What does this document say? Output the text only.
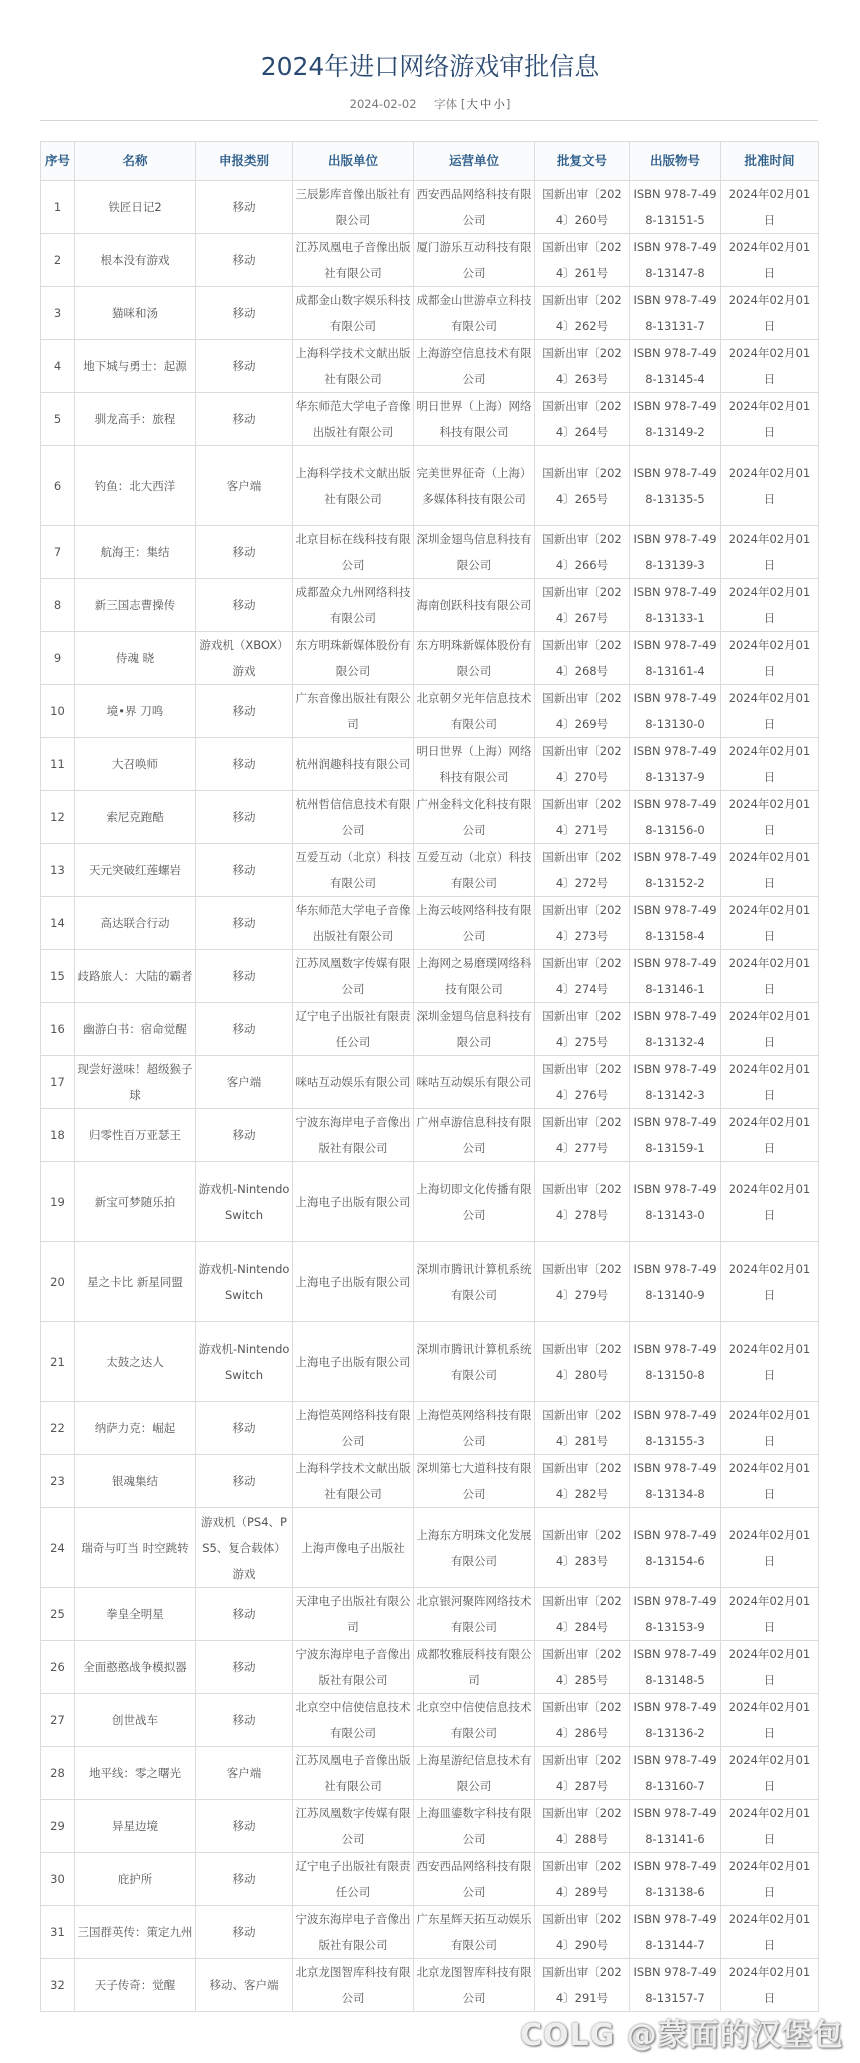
2024年进口网络游戏审批信息
2024-02-02 字体 [大 中 小]
序号	名称	申报类别	出版单位	运营单位	批复文号	出版物号	批准时间
1	铁匠日记2	移动	三辰影库音像出版社有限公司	西安西品网络科技有限公司	国新出审〔2024〕260号	ISBN 978-7-498-13151-5	2024年02月01日
2	根本没有游戏	移动	江苏凤凰电子音像出版社有限公司	厦门游乐互动科技有限公司	国新出审〔2024〕261号	ISBN 978-7-498-13147-8	2024年02月01日
3	猫咪和汤	移动	成都金山数字娱乐科技有限公司	成都金山世游卓立科技有限公司	国新出审〔2024〕262号	ISBN 978-7-498-13131-7	2024年02月01日
4	地下城与勇士：起源	移动	上海科学技术文献出版社有限公司	上海游空信息技术有限公司	国新出审〔2024〕263号	ISBN 978-7-498-13145-4	2024年02月01日
5	驯龙高手：旅程	移动	华东师范大学电子音像出版社有限公司	明日世界（上海）网络科技有限公司	国新出审〔2024〕264号	ISBN 978-7-498-13149-2	2024年02月01日
6	钓鱼：北大西洋	客户端	上海科学技术文献出版社有限公司	完美世界征奇（上海）多媒体科技有限公司	国新出审〔2024〕265号	ISBN 978-7-498-13135-5	2024年02月01日
7	航海王：集结	移动	北京目标在线科技有限公司	深圳金翅鸟信息科技有限公司	国新出审〔2024〕266号	ISBN 978-7-498-13139-3	2024年02月01日
8	新三国志曹操传	移动	成都盈众九州网络科技有限公司	海南创跃科技有限公司	国新出审〔2024〕267号	ISBN 978-7-498-13133-1	2024年02月01日
9	侍魂 晓	游戏机（XBOX）游戏	东方明珠新媒体股份有限公司	东方明珠新媒体股份有限公司	国新出审〔2024〕268号	ISBN 978-7-498-13161-4	2024年02月01日
10	境•界 刀鸣	移动	广东音像出版社有限公司	北京朝夕光年信息技术有限公司	国新出审〔2024〕269号	ISBN 978-7-498-13130-0	2024年02月01日
11	大召唤师	移动	杭州润趣科技有限公司	明日世界（上海）网络科技有限公司	国新出审〔2024〕270号	ISBN 978-7-498-13137-9	2024年02月01日
12	索尼克跑酷	移动	杭州哲信信息技术有限公司	广州金科文化科技有限公司	国新出审〔2024〕271号	ISBN 978-7-498-13156-0	2024年02月01日
13	天元突破红莲螺岩	移动	互爱互动（北京）科技有限公司	互爱互动（北京）科技有限公司	国新出审〔2024〕272号	ISBN 978-7-498-13152-2	2024年02月01日
14	高达联合行动	移动	华东师范大学电子音像出版社有限公司	上海云岐网络科技有限公司	国新出审〔2024〕273号	ISBN 978-7-498-13158-4	2024年02月01日
15	歧路旅人：大陆的霸者	移动	江苏凤凰数字传媒有限公司	上海网之易磨璞网络科技有限公司	国新出审〔2024〕274号	ISBN 978-7-498-13146-1	2024年02月01日
16	幽游白书：宿命觉醒	移动	辽宁电子出版社有限责任公司	深圳金翅鸟信息科技有限公司	国新出审〔2024〕275号	ISBN 978-7-498-13132-4	2024年02月01日
17	现尝好滋味！超级猴子球	客户端	咪咕互动娱乐有限公司	咪咕互动娱乐有限公司	国新出审〔2024〕276号	ISBN 978-7-498-13142-3	2024年02月01日
18	归零性百万亚瑟王	移动	宁波东海岸电子音像出版社有限公司	广州卓游信息科技有限公司	国新出审〔2024〕277号	ISBN 978-7-498-13159-1	2024年02月01日
19	新宝可梦随乐拍	游戏机-Nintendo Switch	上海电子出版有限公司	上海切即文化传播有限公司	国新出审〔2024〕278号	ISBN 978-7-498-13143-0	2024年02月01日
20	星之卡比 新星同盟	游戏机-Nintendo Switch	上海电子出版有限公司	深圳市腾讯计算机系统有限公司	国新出审〔2024〕279号	ISBN 978-7-498-13140-9	2024年02月01日
21	太鼓之达人	游戏机-Nintendo Switch	上海电子出版有限公司	深圳市腾讯计算机系统有限公司	国新出审〔2024〕280号	ISBN 978-7-498-13150-8	2024年02月01日
22	纳萨力克：崛起	移动	上海恺英网络科技有限公司	上海恺英网络科技有限公司	国新出审〔2024〕281号	ISBN 978-7-498-13155-3	2024年02月01日
23	银魂集结	移动	上海科学技术文献出版社有限公司	深圳第七大道科技有限公司	国新出审〔2024〕282号	ISBN 978-7-498-13134-8	2024年02月01日
24	瑞奇与叮当 时空跳转	游戏机（PS4、PS5、复合载体）游戏	上海声像电子出版社	上海东方明珠文化发展有限公司	国新出审〔2024〕283号	ISBN 978-7-498-13154-6	2024年02月01日
25	拳皇全明星	移动	天津电子出版社有限公司	北京银河聚阵网络技术有限公司	国新出审〔2024〕284号	ISBN 978-7-498-13153-9	2024年02月01日
26	全面憨憨战争模拟器	移动	宁波东海岸电子音像出版社有限公司	成都牧雅辰科技有限公司	国新出审〔2024〕285号	ISBN 978-7-498-13148-5	2024年02月01日
27	创世战车	移动	北京空中信使信息技术有限公司	北京空中信使信息技术有限公司	国新出审〔2024〕286号	ISBN 978-7-498-13136-2	2024年02月01日
28	地平线：零之曙光	客户端	江苏凤凰电子音像出版社有限公司	上海星游纪信息技术有限公司	国新出审〔2024〕287号	ISBN 978-7-498-13160-7	2024年02月01日
29	异星边境	移动	江苏凤凰数字传媒有限公司	上海皿鎏数字科技有限公司	国新出审〔2024〕288号	ISBN 978-7-498-13141-6	2024年02月01日
30	庇护所	移动	辽宁电子出版社有限责任公司	西安西品网络科技有限公司	国新出审〔2024〕289号	ISBN 978-7-498-13138-6	2024年02月01日
31	三国群英传：策定九州	移动	宁波东海岸电子音像出版社有限公司	广东星辉天拓互动娱乐有限公司	国新出审〔2024〕290号	ISBN 978-7-498-13144-7	2024年02月01日
32	天子传奇：觉醒	移动、客户端	北京龙图智库科技有限公司	北京龙图智库科技有限公司	国新出审〔2024〕291号	ISBN 978-7-498-13157-7	2024年02月01日
COLG @蒙面的汉堡包
